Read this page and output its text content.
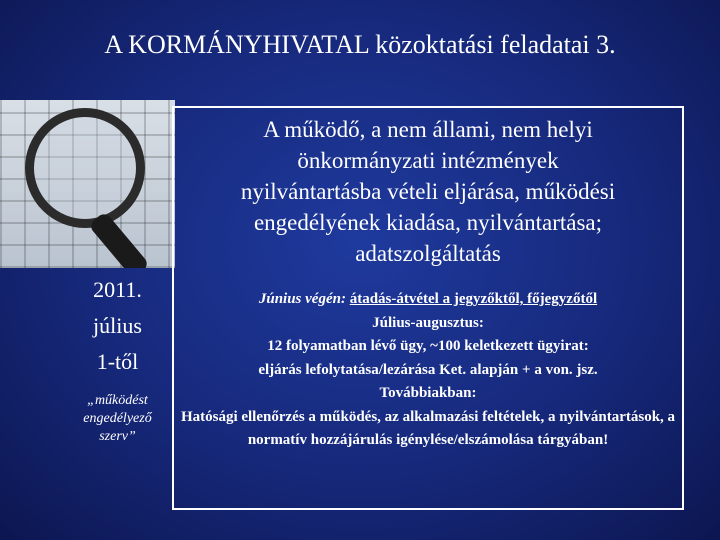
A KORMÁNYHIVATAL közoktatási feladatai 3.
2011.
július
1-től
„működést
engedélyező
szerv”
A működő, a nem állami, nem helyi
önkormányzati intézmények
nyilvántartásba vételi eljárása, működési
engedélyének kiadása, nyilvántartása;
adatszolgáltatás
Június végén: átadás-átvétel a jegyzőktől, főjegyzőtől
Július-augusztus:
12 folyamatban lévő ügy, ~100 keletkezett ügyirat:
eljárás lefolytatása/lezárása Ket. alapján + a von. jsz.
Továbbiakban:
Hatósági ellenőrzés a működés, az alkalmazási feltételek, a nyilvántartások, a normatív hozzájárulás igénylése/elszámolása tárgyában!
